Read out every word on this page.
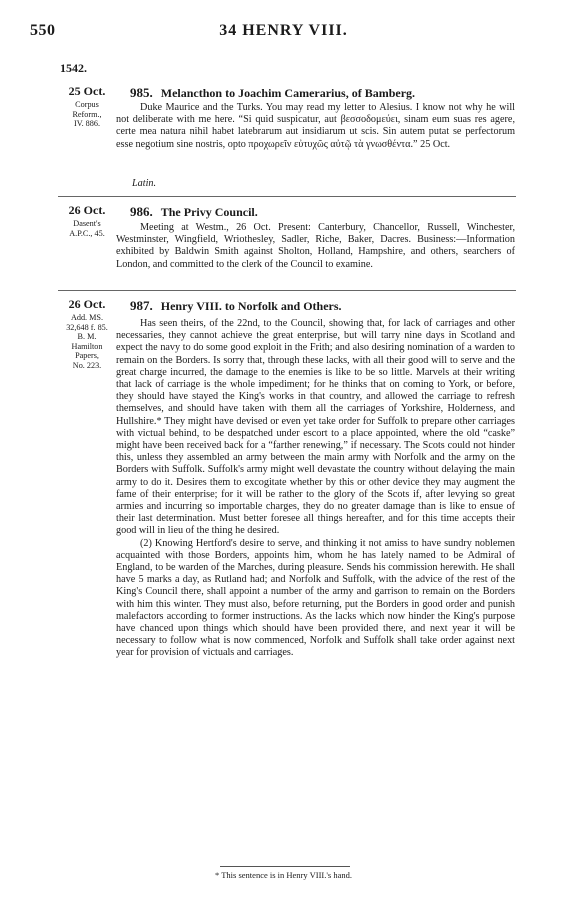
550	34 HENRY VIII.
1542.
25 Oct.
Corpus
Reform.,
IV. 886.
985. Melancthon to Joachim Camerarius, of Bamberg.

Duke Maurice and the Turks. You may read my letter to Alesius. I know not why he will not deliberate with me here. “Si quid suspicatur, aut βεσσοδομεύει, sinam eum suas res agere, certe mea natura nihil habet latebrarum aut insidiarum ut scis. Sin autem putat se perfectorum esse negotium sine nostris, opto προχωρεῖν εὐτυχῶς αὐτῷ τὰ γνωσθέντα.” 25 Oct.

Latin.
26 Oct.
Dasent's
A.P.C., 45.
986. The Privy Council.

Meeting at Westm., 26 Oct. Present: Canterbury, Chancellor, Russell, Winchester, Westminster, Wingfield, Wriothesley, Sadler, Riche, Baker, Dacres. Business:—Information exhibited by Baldwin Smith against Sholton, Holland, Hampshire, and others, searchers of London, and committed to the clerk of the Council to examine.

26 Oct.
Add. MS.
32,648 f. 85.
B. M.
Hamilton
Papers,
No. 223.
987. Henry VIII. to Norfolk and Others.

Has seen theirs, of the 22nd, to the Council, showing that, for lack of carriages and other necessaries, they cannot achieve the great enterprise, but will tarry nine days in Scotland and expect the navy to do some good exploit in the Frith; and also desiring nomination of a warden to remain on the Borders. Is sorry that, through these lacks, with all their good will to serve and the great charge incurred, the damage to the enemies is like to be so little. Marvels at their writing that lack of carriage is the whole impediment; for he thinks that on coming to York, or before, they should have stayed the King's works in that country, and allowed the carriage to refresh themselves, and should have taken with them all the carriages of Yorkshire, Holderness, and Hullshire.* They might have devised or even yet take order for Suffolk to prepare other carriages with victual behind, to be despatched under escort to a place appointed, where the old “caske” might have been received back for a “farther renewing,” if necessary. The Scots could not hinder this, unless they assembled an army between the main army with Norfolk and the army on the Borders with Suffolk. Suffolk's army might well devastate the country without delaying the main army to do it. Desires them to excogitate whether by this or other device they may augment the fame of their enterprise; for it will be rather to the glory of the Scots if, after levying so great armies and incurring so importable charges, they do no greater damage than is like to ensue of their last determination. Must better foresee all things hereafter, and for this time accepts their good will in lieu of the thing he desired.

(2) Knowing Hertford's desire to serve, and thinking it not amiss to have sundry noblemen acquainted with those Borders, appoints him, whom he has lately named to be Admiral of England, to be warden of the Marches, during pleasure. Sends his commission herewith. He shall have 5 marks a day, as Rutland had; and Norfolk and Suffolk, with the advice of the rest of the King's Council there, shall appoint a number of the army and garrison to remain on the Borders with him this winter. They must also, before returning, put the Borders in good order and punish malefactors according to former instructions. As the lacks which now hinder the King's purpose have chanced upon things which should have been provided there, and next year it will be necessary to follow what is now commenced, Norfolk and Suffolk shall take order against next year for provision of victuals and carriages.

* This sentence is in Henry VIII.'s hand.
